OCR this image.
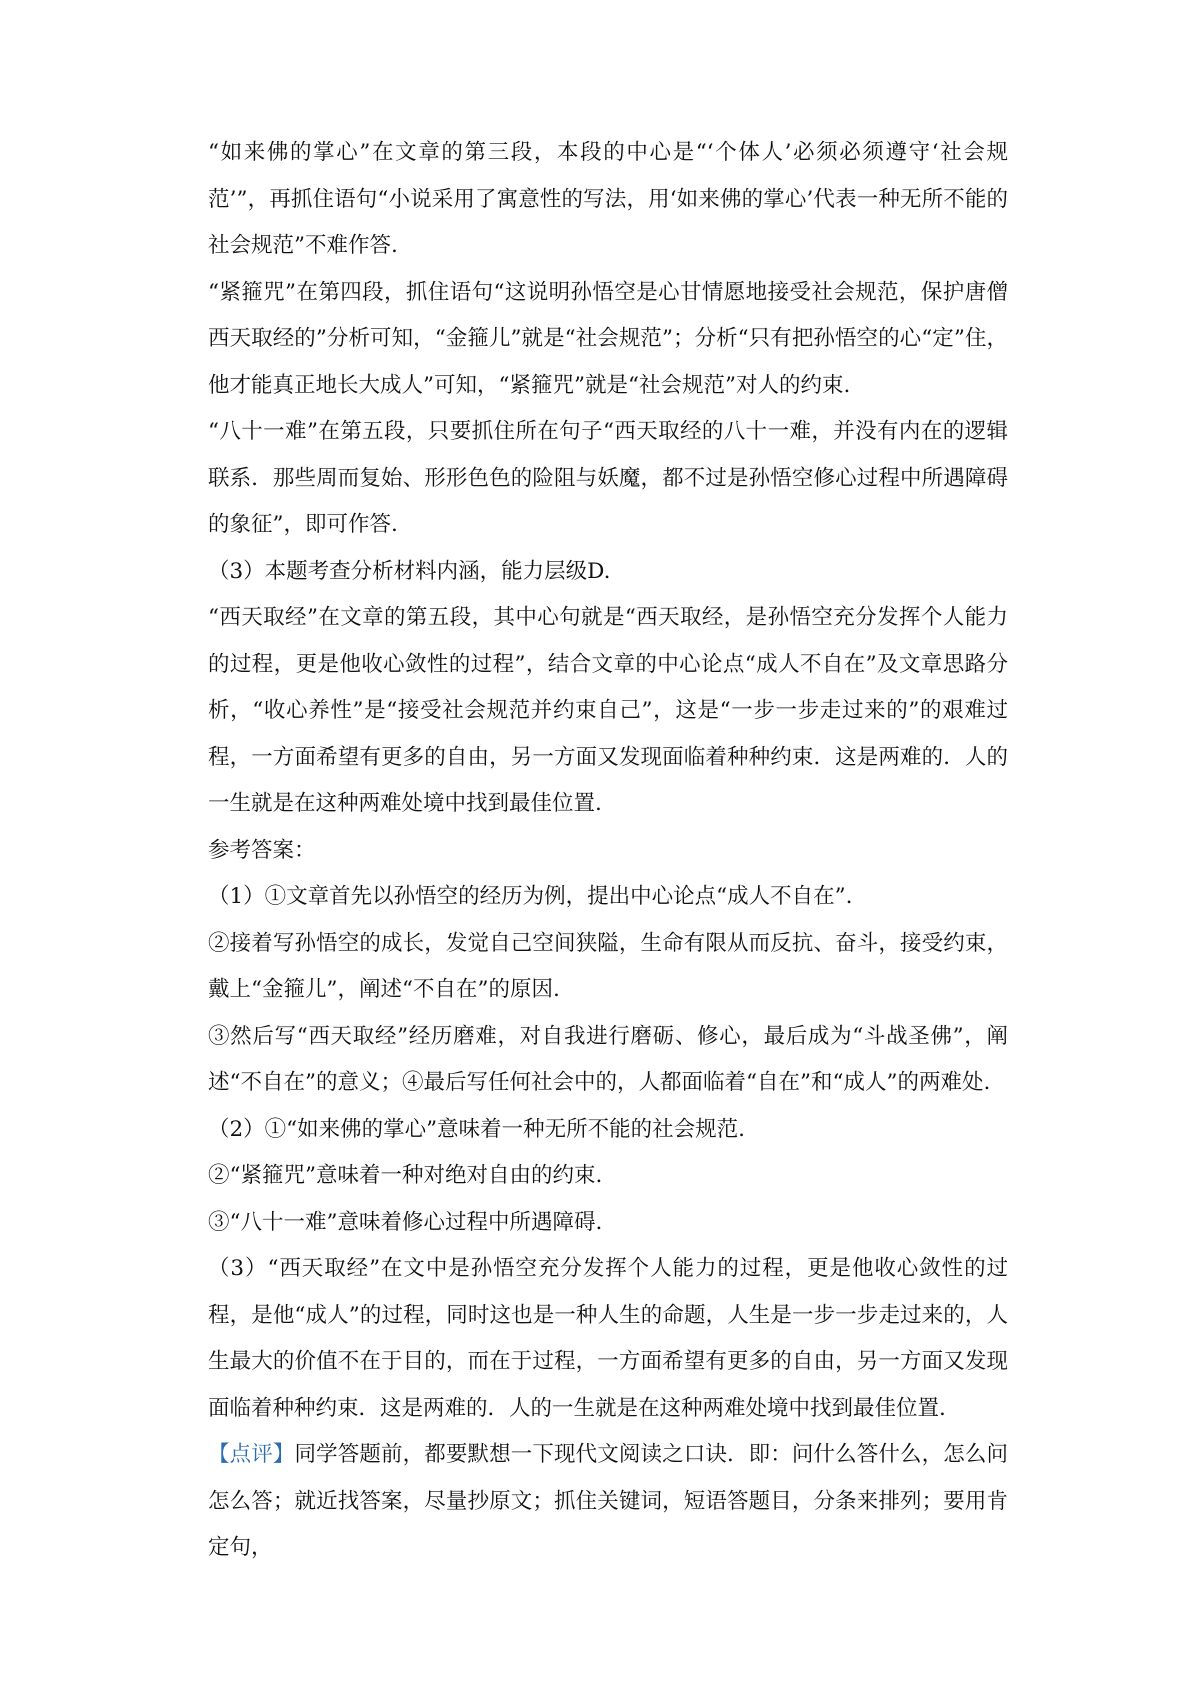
“如来佛的掌心”在文章的第三段，本段的中心是“‘个体人’必须必须遵守‘社会规范’”，再抓住语句“小说采用了寓意性的写法，用‘如来佛的掌心’代表一种无所不能的社会规范”不难作答.

“紧箍咒”在第四段，抓住语句“这说明孙悟空是心甘情愿地接受社会规范，保护唐僧西天取经的”分析可知，“金箍儿”就是“社会规范”；分析“只有把孙悟空的心“定”住，他才能真正地长大成人”可知，“紧箍咒”就是“社会规范”对人的约束.

“八十一难”在第五段，只要抓住所在句子“西天取经的八十一难，并没有内在的逻辑联系．那些周而复始、形形色色的险阻与妖魔，都不过是孙悟空修心过程中所遇障碍的象征”，即可作答.

（3）本题考查分析材料内涵，能力层级D.

“西天取经”在文章的第五段，其中心句就是“西天取经，是孙悟空充分发挥个人能力的过程，更是他收心敛性的过程”，结合文章的中心论点“成人不自在”及文章思路分析，“收心养性”是“接受社会规范并约束自己”，这是“一步一步走过来的”的艰难过程，一方面希望有更多的自由，另一方面又发现面临着种种约束．这是两难的．人的一生就是在这种两难处境中找到最佳位置.

参考答案：

（1）①文章首先以孙悟空的经历为例，提出中心论点“成人不自在”.

②接着写孙悟空的成长，发觉自己空间狭隘，生命有限从而反抗、奋斗，接受约束，戴上“金箍儿”，阐述“不自在”的原因.

③然后写“西天取经”经历磨难，对自我进行磨砺、修心，最后成为“斗战圣佛”，阐述“不自在”的意义；④最后写任何社会中的，人都面临着“自在”和“成人”的两难处.

（2）①“如来佛的掌心”意味着一种无所不能的社会规范.

②“紧箍咒”意味着一种对绝对自由的约束.

③“八十一难”意味着修心过程中所遇障碍.

（3）“西天取经”在文中是孙悟空充分发挥个人能力的过程，更是他收心敛性的过程，是他“成人”的过程，同时这也是一种人生的命题，人生是一步一步走过来的，人生最大的价值不在于目的，而在于过程，一方面希望有更多的自由，另一方面又发现面临着种种约束．这是两难的．人的一生就是在这种两难处境中找到最佳位置.

【点评】同学答题前，都要默想一下现代文阅读之口诀．即：问什么答什么，怎么问怎么答；就近找答案，尽量抄原文；抓住关键词，短语答题目，分条来排列；要用肯定句，
